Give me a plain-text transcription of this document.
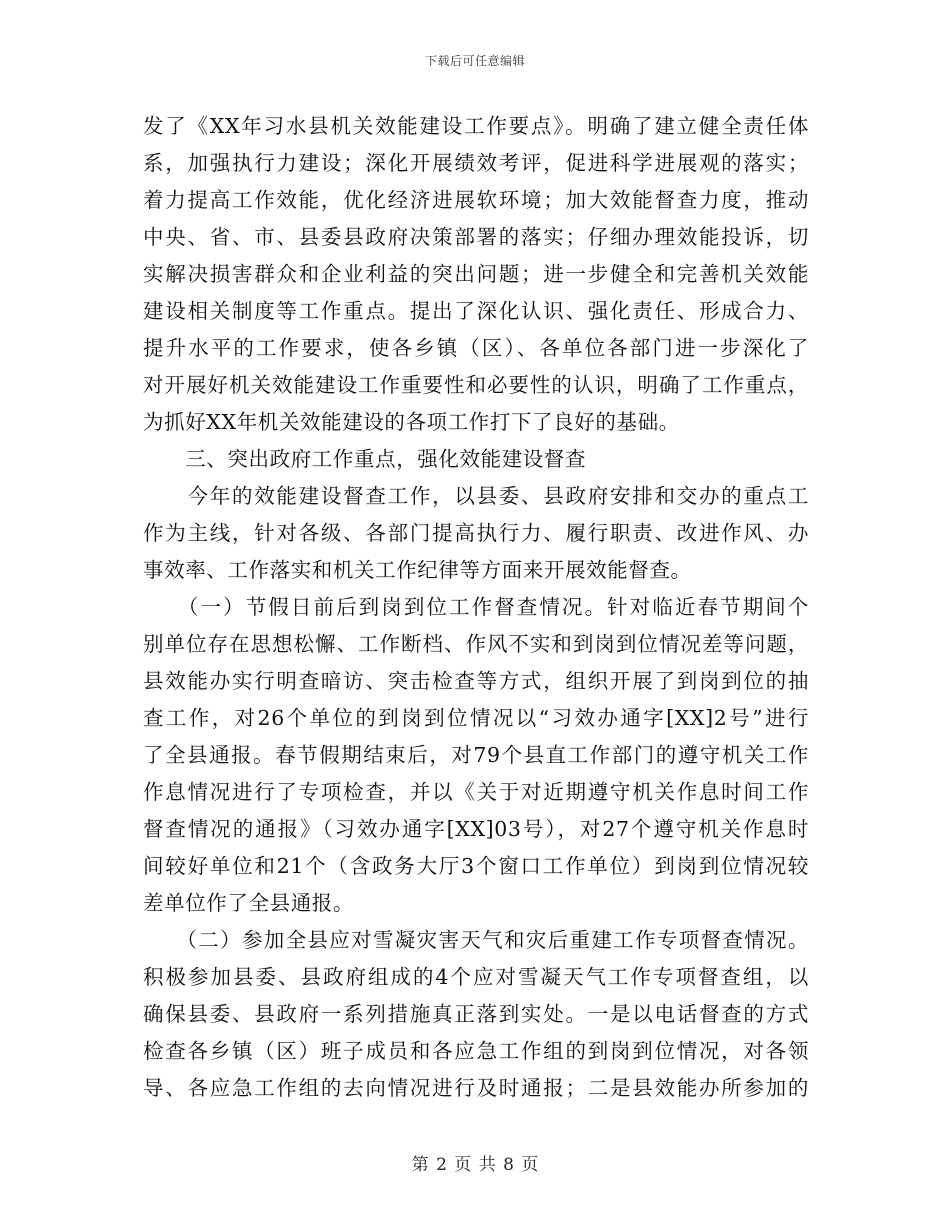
下载后可任意编辑
发了《XX年习水县机关效能建设工作要点》。明确了建立健全责任体
系，加强执行力建设；深化开展绩效考评，促进科学进展观的落实；
着力提高工作效能，优化经济进展软环境；加大效能督查力度，推动
中央、省、市、县委县政府决策部署的落实；仔细办理效能投诉，切
实解决损害群众和企业利益的突出问题；进一步健全和完善机关效能
建设相关制度等工作重点。提出了深化认识、强化责任、形成合力、
提升水平的工作要求，使各乡镇（区）、各单位各部门进一步深化了
对开展好机关效能建设工作重要性和必要性的认识，明确了工作重点，
为抓好XX年机关效能建设的各项工作打下了良好的基础。
　　三、突出政府工作重点，强化效能建设督查
　　今年的效能建设督查工作，以县委、县政府安排和交办的重点工
作为主线，针对各级、各部门提高执行力、履行职责、改进作风、办
事效率、工作落实和机关工作纪律等方面来开展效能督查。
　　（一）节假日前后到岗到位工作督查情况。针对临近春节期间个
别单位存在思想松懈、工作断档、作风不实和到岗到位情况差等问题，
县效能办实行明查暗访、突击检查等方式，组织开展了到岗到位的抽
查工作，对26个单位的到岗到位情况以“习效办通字[XX]2号”进行
了全县通报。春节假期结束后，对79个县直工作部门的遵守机关工作
作息情况进行了专项检查，并以《关于对近期遵守机关作息时间工作
督查情况的通报》（习效办通字[XX]03号），对27个遵守机关作息时
间较好单位和21个（含政务大厅3个窗口工作单位）到岗到位情况较
差单位作了全县通报。
　　（二）参加全县应对雪凝灾害天气和灾后重建工作专项督查情况。
积极参加县委、县政府组成的4个应对雪凝天气工作专项督查组，以
确保县委、县政府一系列措施真正落到实处。一是以电话督查的方式
检查各乡镇（区）班子成员和各应急工作组的到岗到位情况，对各领
导、各应急工作组的去向情况进行及时通报；二是县效能办所参加的
第 2 页 共 8 页
